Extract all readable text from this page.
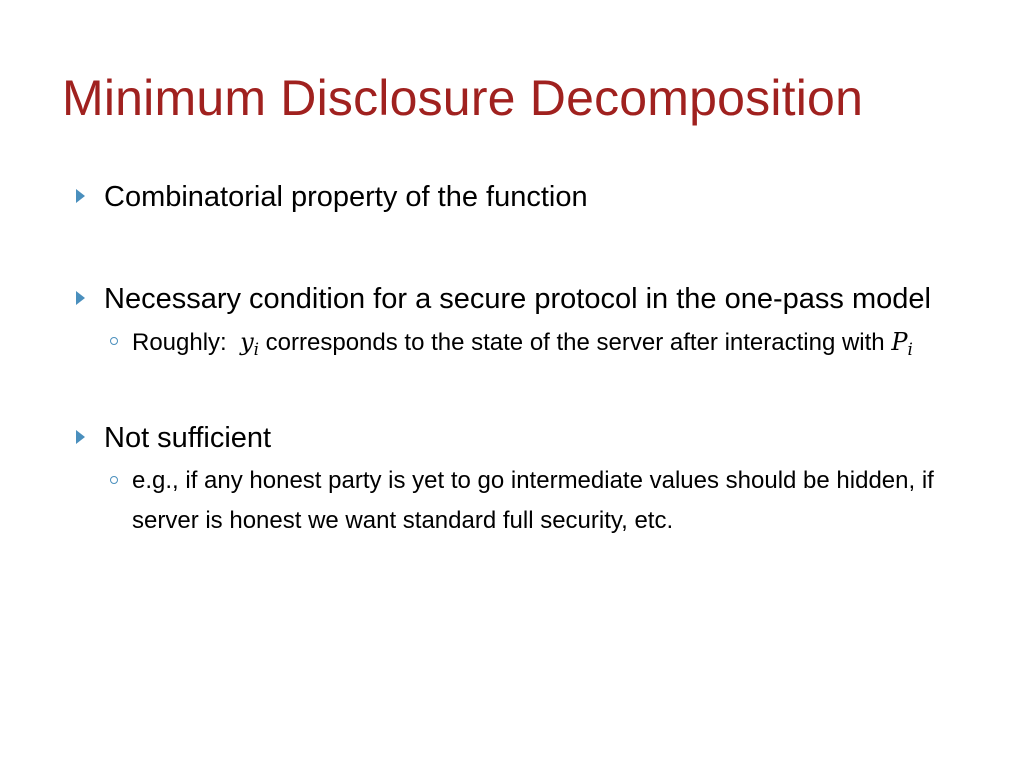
Minimum Disclosure Decomposition
Combinatorial property of the function
Necessary condition for a secure protocol in the one-pass model
Roughly:  $y_i$ corresponds to the state of the server after interacting with $P_i$
Not sufficient
e.g., if any honest party is yet to go intermediate values should be hidden, if server is honest we want standard full security, etc.
